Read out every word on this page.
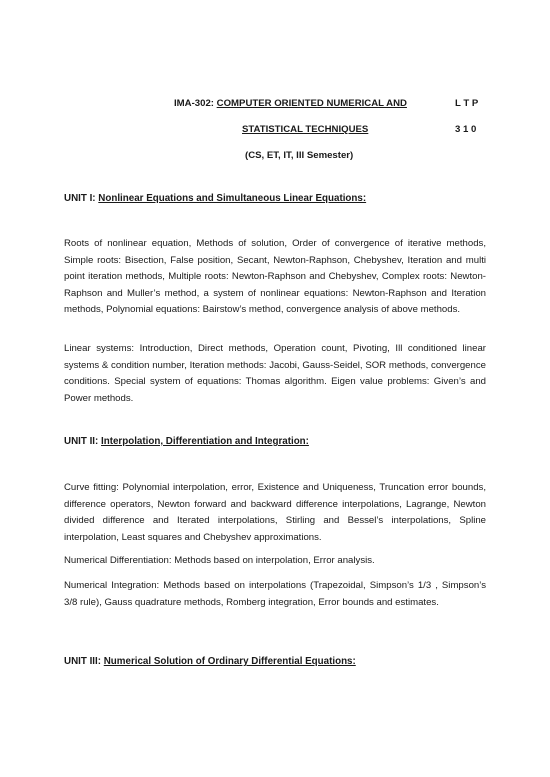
IMA-302: COMPUTER ORIENTED NUMERICAL AND	L T P
STATISTICAL TECHNIQUES	3 1 0
(CS, ET, IT, III Semester)
UNIT I: Nonlinear Equations and Simultaneous Linear Equations:

Roots of nonlinear equation, Methods of solution, Order of convergence of iterative methods, Simple roots: Bisection, False position, Secant, Newton-Raphson, Chebyshev, Iteration and multi point iteration methods, Multiple roots: Newton-Raphson and Chebyshev, Complex roots: Newton-Raphson and Muller’s method, a system of nonlinear equations: Newton-Raphson and Iteration methods, Polynomial equations: Bairstow’s method, convergence analysis of above methods.

Linear systems: Introduction, Direct methods, Operation count, Pivoting, Ill conditioned linear systems & condition number, Iteration methods: Jacobi, Gauss-Seidel, SOR methods, convergence conditions. Special system of equations: Thomas algorithm. Eigen value problems: Given’s and Power methods.

UNIT II: Interpolation, Differentiation and Integration:

Curve fitting: Polynomial interpolation, error, Existence and Uniqueness, Truncation error bounds, difference operators, Newton forward and backward difference interpolations, Lagrange, Newton divided difference and Iterated interpolations, Stirling and Bessel’s interpolations, Spline interpolation, Least squares and Chebyshev approximations.

Numerical Differentiation: Methods based on interpolation, Error analysis.

Numerical Integration: Methods based on interpolations (Trapezoidal, Simpson’s 1/3 , Simpson’s 3/8 rule), Gauss quadrature methods, Romberg integration, Error bounds and estimates.

UNIT III: Numerical Solution of Ordinary Differential Equations:
